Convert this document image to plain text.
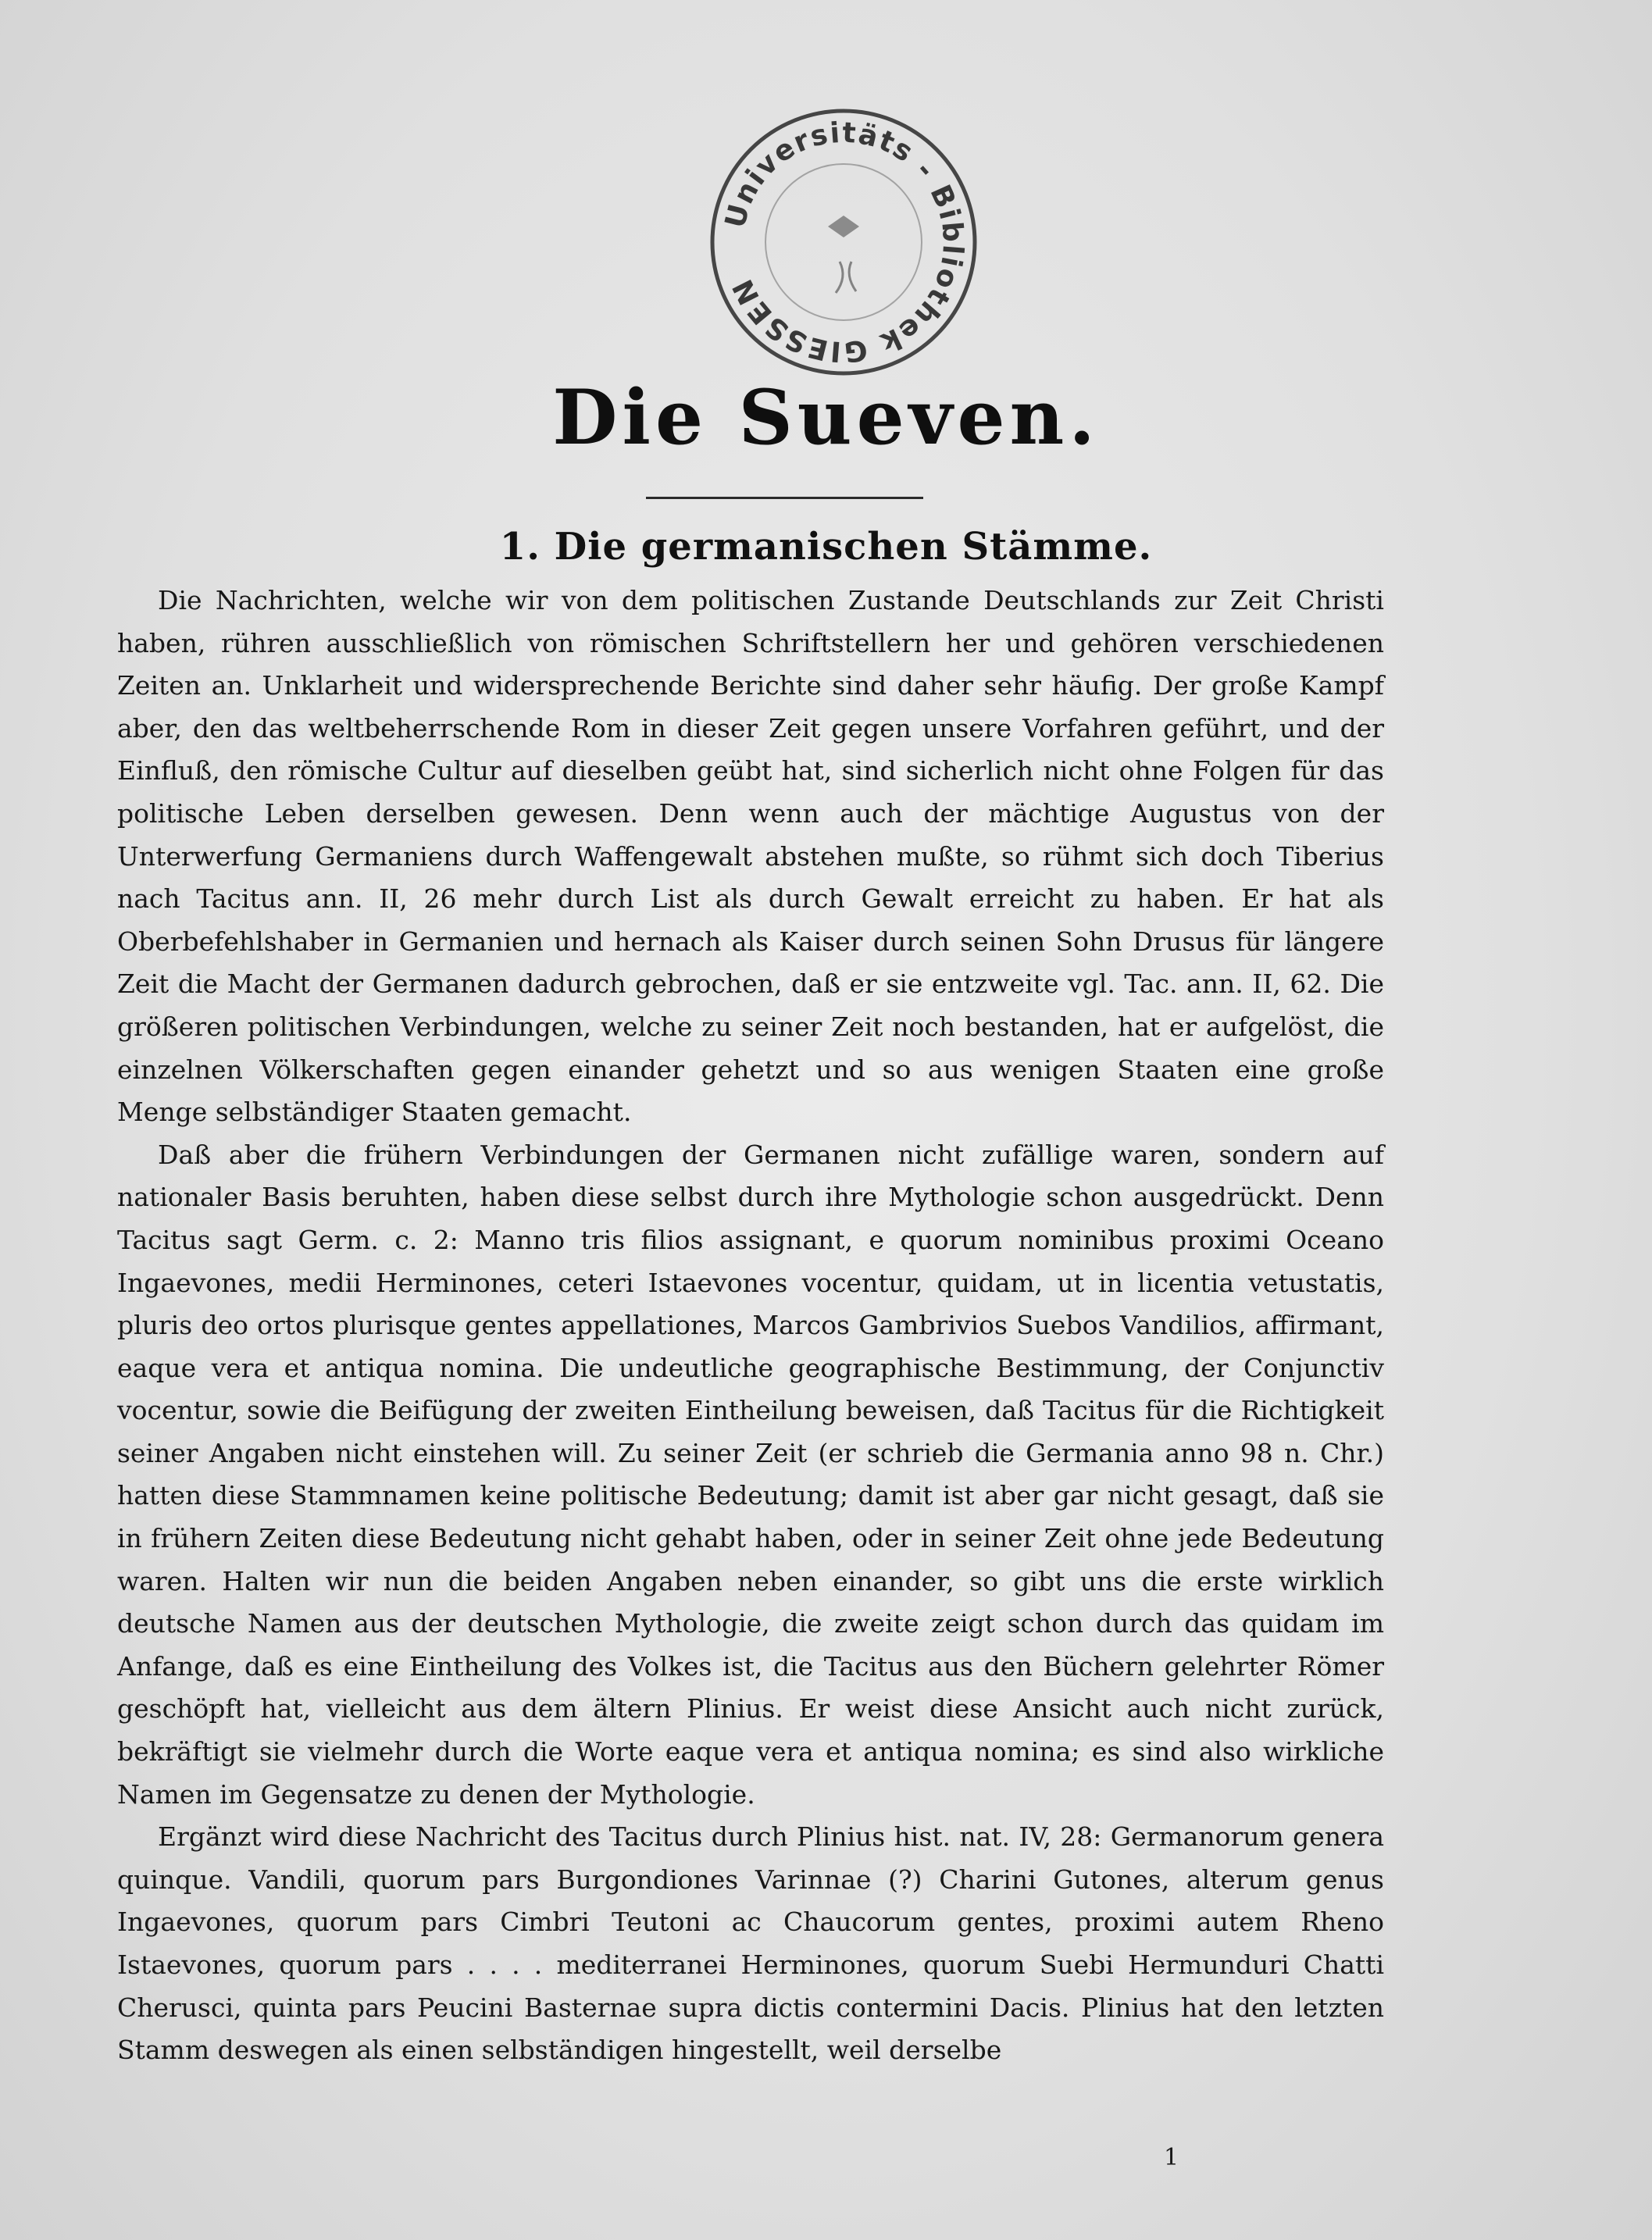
Universitäts - Bibliothek GIESSEN
Die Sueven.
1. Die germanischen Stämme.

Die Nachrichten, welche wir von dem politischen Zustande Deutschlands zur Zeit Christi haben, rühren ausschließlich von römischen Schriftstellern her und gehören verschiedenen Zeiten an. Unklarheit und widersprechende Berichte sind daher sehr häufig. Der große Kampf aber, den das weltbeherrschende Rom in dieser Zeit gegen unsere Vorfahren geführt, und der Einfluß, den römische Cultur auf dieselben geübt hat, sind sicherlich nicht ohne Folgen für das politische Leben derselben gewesen. Denn wenn auch der mächtige Augustus von der Unterwerfung Germaniens durch Waffengewalt abstehen mußte, so rühmt sich doch Tiberius nach Tacitus ann. II, 26 mehr durch List als durch Gewalt erreicht zu haben. Er hat als Oberbefehlshaber in Germanien und hernach als Kaiser durch seinen Sohn Drusus für längere Zeit die Macht der Germanen dadurch gebrochen, daß er sie entzweite vgl. Tac. ann. II, 62. Die größeren politischen Verbindungen, welche zu seiner Zeit noch bestanden, hat er aufgelöst, die einzelnen Völkerschaften gegen einander gehetzt und so aus wenigen Staaten eine große Menge selbständiger Staaten gemacht.

Daß aber die frühern Verbindungen der Germanen nicht zufällige waren, sondern auf nationaler Basis beruhten, haben diese selbst durch ihre Mythologie schon ausgedrückt. Denn Tacitus sagt Germ. c. 2: Manno tris filios assignant, e quorum nominibus proximi Oceano Ingaevones, medii Herminones, ceteri Istaevones vocentur, quidam, ut in licentia vetustatis, pluris deo ortos plurisque gentes appellationes, Marcos Gambrivios Suebos Vandilios, affirmant, eaque vera et antiqua nomina. Die undeutliche geographische Bestimmung, der Conjunctiv vocentur, sowie die Beifügung der zweiten Eintheilung beweisen, daß Tacitus für die Richtigkeit seiner Angaben nicht einstehen will. Zu seiner Zeit (er schrieb die Germania anno 98 n. Chr.) hatten diese Stammnamen keine politische Bedeutung; damit ist aber gar nicht gesagt, daß sie in frühern Zeiten diese Bedeutung nicht gehabt haben, oder in seiner Zeit ohne jede Bedeutung waren. Halten wir nun die beiden Angaben neben einander, so gibt uns die erste wirklich deutsche Namen aus der deutschen Mythologie, die zweite zeigt schon durch das quidam im Anfange, daß es eine Eintheilung des Volkes ist, die Tacitus aus den Büchern gelehrter Römer geschöpft hat, vielleicht aus dem ältern Plinius. Er weist diese Ansicht auch nicht zurück, bekräftigt sie vielmehr durch die Worte eaque vera et antiqua nomina; es sind also wirkliche Namen im Gegensatze zu denen der Mythologie.

Ergänzt wird diese Nachricht des Tacitus durch Plinius hist. nat. IV, 28: Germanorum genera quinque. Vandili, quorum pars Burgondiones Varinnae (?) Charini Gutones, alterum genus Ingaevones, quorum pars Cimbri Teutoni ac Chaucorum gentes, proximi autem Rheno Istaevones, quorum pars . . . . mediterranei Herminones, quorum Suebi Hermunduri Chatti Cherusci, quinta pars Peucini Basternae supra dictis contermini Dacis. Plinius hat den letzten Stamm deswegen als einen selbständigen hingestellt, weil derselbe

1
